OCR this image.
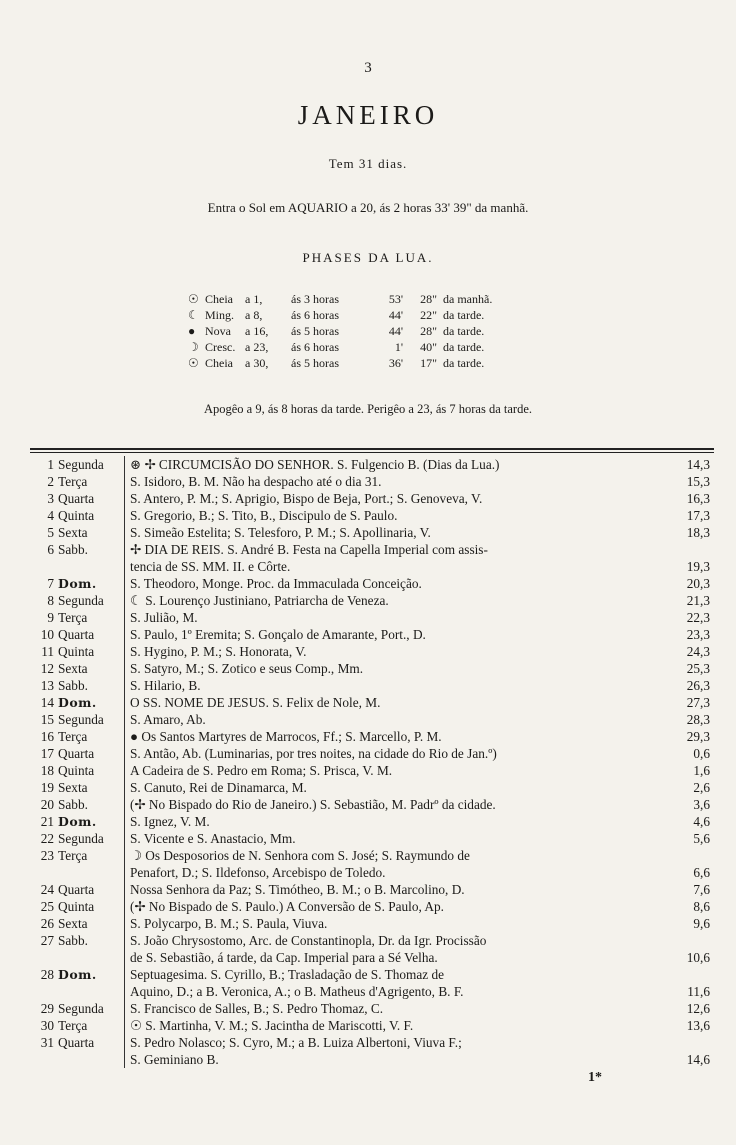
3
JANEIRO
Tem 31 dias.
Entra o Sol em AQUARIO a 20, ás 2 horas 33' 39" da manhã.
PHASES DA LUA.
☉ Cheia	a 1,	ás 3 horas	53'	28" da manhã.
☾ Ming. a 8,	ás 6 horas	44'	22" da tarde.
● Nova	a 16,	ás 5 horas	44'	28" da tarde.
☽ Cresc. a 23,	ás 6 horas	1'	40" da tarde.
☉ Cheia	a 30,	ás 5 horas	36'	17" da tarde.
Apogêo a 9, ás 8 horas da tarde. Perigêo a 23, ás 7 horas da tarde.
1 Segunda	⊛ ✢ CIRCUMCISÃO DO SENHOR. S. Fulgencio B. (Dias da Lua.)	14,3
2 Terça	S. Isidoro, B. M. Não ha despacho até o dia 31.	15,3
3 Quarta	S. Antero, P. M.; S. Aprigio, Bispo de Beja, Port.; S. Genoveva, V.	16,3
4 Quinta	S. Gregorio, B.; S. Tito, B., Discipulo de S. Paulo.	17,3
5 Sexta	S. Simeão Estelita; S. Telesforo, P. M.; S. Apollinaria, V.	18,3
6 Sabb.	✢ DIA DE REIS. S. André B. Festa na Capella Imperial com assis-
tencia de SS. MM. II. e Côrte.	19,3
7 Dom.	S. Theodoro, Monge. Proc. da Immaculada Conceição.	20,3
8 Segunda	☾ S. Lourenço Justiniano, Patriarcha de Veneza.	21,3
9 Terça	S. Julião, M.	22,3
10 Quarta	S. Paulo, 1º Eremita; S. Gonçalo de Amarante, Port., D.	23,3
11 Quinta	S. Hygino, P. M.; S. Honorata, V.	24,3
12 Sexta	S. Satyro, M.; S. Zotico e seus Comp., Mm.	25,3
13 Sabb.	S. Hilario, B.	26,3
14 Dom.	O SS. NOME DE JESUS. S. Felix de Nole, M.	27,3
15 Segunda	S. Amaro, Ab.	28,3
16 Terça	● Os Santos Martyres de Marrocos, Ff.; S. Marcello, P. M.	29,3
17 Quarta	S. Antão, Ab. (Luminarias, por tres noites, na cidade do Rio de Jan.º)	0,6
18 Quinta	A Cadeira de S. Pedro em Roma; S. Prisca, V. M.	1,6
19 Sexta	S. Canuto, Rei de Dinamarca, M.	2,6
20 Sabb.	(✢ No Bispado do Rio de Janeiro.) S. Sebastião, M. Padrº da cidade.	3,6
21 Dom.	S. Ignez, V. M.	4,6
22 Segunda	S. Vicente e S. Anastacio, Mm.	5,6
23 Terça	☽ Os Desposorios de N. Senhora com S. José; S. Raymundo de
Penafort, D.; S. Ildefonso, Arcebispo de Toledo.	6,6
24 Quarta	Nossa Senhora da Paz; S. Timótheo, B. M.; o B. Marcolino, D.	7,6
25 Quinta	(✢ No Bispado de S. Paulo.) A Conversão de S. Paulo, Ap.	8,6
26 Sexta	S. Polycarpo, B. M.; S. Paula, Viuva.	9,6
27 Sabb.	S. João Chrysostomo, Arc. de Constantinopla, Dr. da Igr. Procissão
de S. Sebastião, á tarde, da Cap. Imperial para a Sé Velha.	10,6
28 Dom.	Septuagesima. S. Cyrillo, B.; Trasladação de S. Thomaz de
Aquino, D.; a B. Veronica, A.; o B. Matheus d'Agrigento, B. F.	11,6
29 Segunda	S. Francisco de Salles, B.; S. Pedro Thomaz, C.	12,6
30 Terça	☉ S. Martinha, V. M.; S. Jacintha de Mariscotti, V. F.	13,6
31 Quarta	S. Pedro Nolasco; S. Cyro, M.; a B. Luiza Albertoni, Viuva F.;
S. Geminiano B.	14,6
1*
